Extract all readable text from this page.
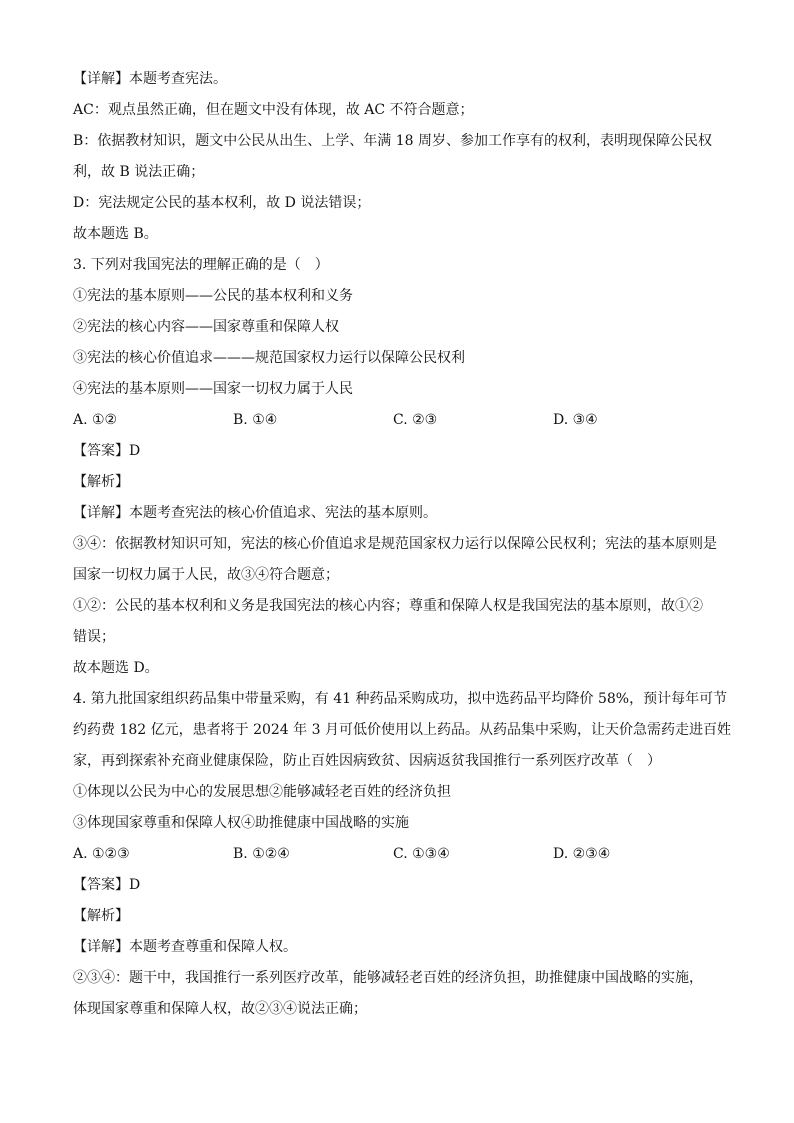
【详解】本题考查宪法。
AC：观点虽然正确，但在题文中没有体现，故 AC 不符合题意；
B：依据教材知识，题文中公民从出生、上学、年满 18 周岁、参加工作享有的权利，表明现保障公民权
利，故 B 说法正确；
D：宪法规定公民的基本权利，故 D 说法错误；
故本题选 B。
3. 下列对我国宪法的理解正确的是（　）
①宪法的基本原则——公民的基本权利和义务
②宪法的核心内容——国家尊重和保障人权
③宪法的核心价值追求———规范国家权力运行以保障公民权利
④宪法的基本原则——国家一切权力属于人民
A. ①②	B. ①④	C. ②③	D. ③④
【答案】D
【解析】
【详解】本题考查宪法的核心价值追求、宪法的基本原则。
③④：依据教材知识可知，宪法的核心价值追求是规范国家权力运行以保障公民权利；宪法的基本原则是
国家一切权力属于人民，故③④符合题意；
①②：公民的基本权利和义务是我国宪法的核心内容；尊重和保障人权是我国宪法的基本原则，故①②
错误；
故本题选 D。
4. 第九批国家组织药品集中带量采购，有 41 种药品采购成功，拟中选药品平均降价 58%，预计每年可节
约药费 182 亿元，患者将于 2024 年 3 月可低价使用以上药品。从药品集中采购，让天价急需药走进百姓
家，再到探索补充商业健康保险，防止百姓因病致贫、因病返贫我国推行一系列医疗改革（　）
①体现以公民为中心的发展思想②能够减轻老百姓的经济负担
③体现国家尊重和保障人权④助推健康中国战略的实施
A. ①②③	B. ①②④	C. ①③④	D. ②③④
【答案】D
【解析】
【详解】本题考查尊重和保障人权。
②③④：题干中，我国推行一系列医疗改革，能够减轻老百姓的经济负担，助推健康中国战略的实施，
体现国家尊重和保障人权，故②③④说法正确；
